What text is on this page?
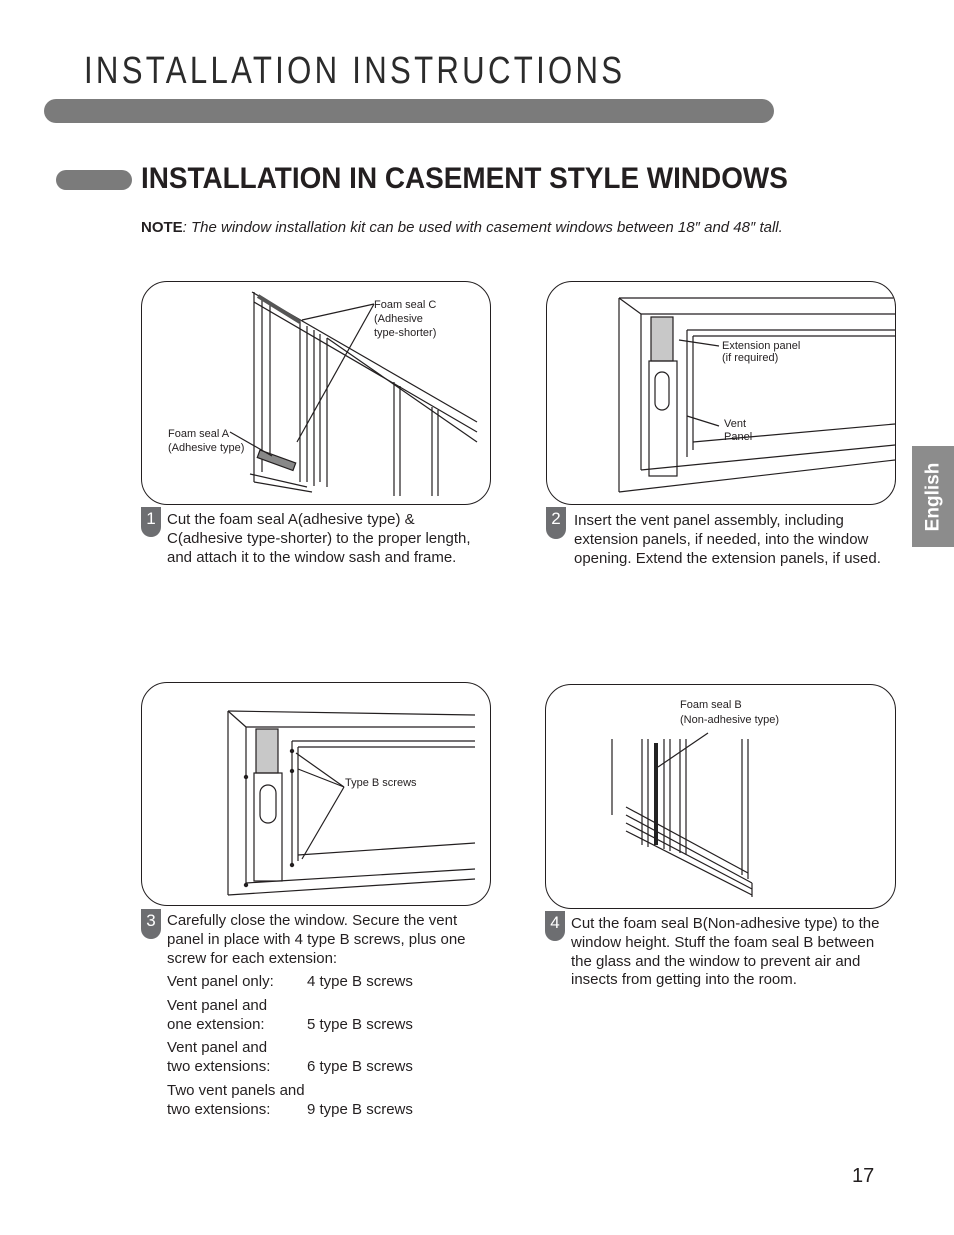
INSTALLATION INSTRUCTIONS
INSTALLATION IN CASEMENT STYLE WINDOWS
NOTE: The window installation kit can be used with casement windows between 18″ and 48″ tall.
English
Foam seal C
(Adhesive
type-shorter)
Foam seal A
(Adhesive type)
1 Cut the foam seal A(adhesive type) & C(adhesive type-shorter) to the proper length, and attach it to the window sash and frame.
Extension panel
(if required)
Vent
Panel
2 Insert the vent panel assembly, including extension panels, if needed, into the window opening. Extend the extension panels, if used.
Type B screws
3 Carefully close the window. Secure the vent panel in place with 4 type B screws, plus one screw for each extension:
Vent panel only:	4 type B screws
Vent panel and
one extension:	5 type B screws
Vent panel and
two extensions:	6 type B screws
Two vent panels and
two extensions:	9 type B screws
Foam seal B
(Non-adhesive type)
4 Cut the foam seal B(Non-adhesive type) to the window height. Stuff the foam seal B between the glass and the window to prevent air and insects from getting into the room.
17
